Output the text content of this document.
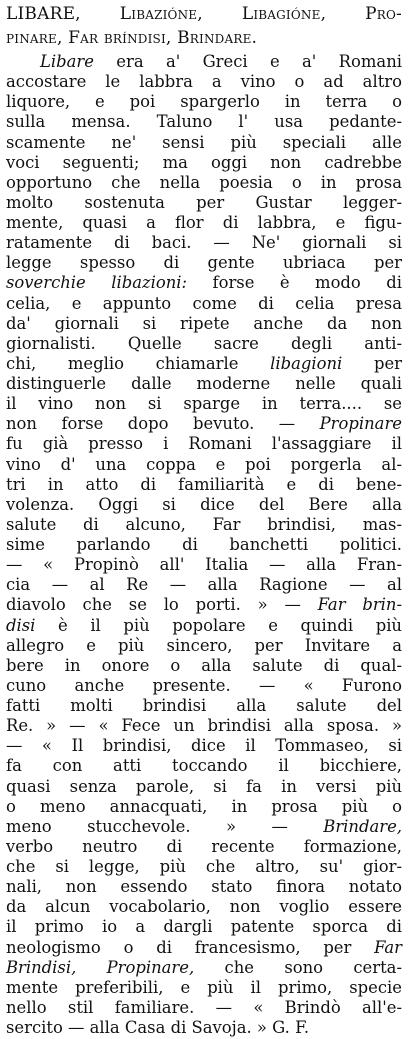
LIBARE, Libazióne, Libagióne, Pro-
pinare, Far bríndisi, Brindare.
Libare era a' Greci e a' Romani
accostare le labbra a vino o ad altro
liquore, e poi spargerlo in terra o
sulla mensa. Taluno l' usa pedante-
scamente ne' sensi più speciali alle
voci seguenti; ma oggi non cadrebbe
opportuno che nella poesia o in prosa
molto sostenuta per Gustar legger-
mente, quasi a flor di labbra, e figu-
ratamente di baci. — Ne' giornali si
legge spesso di gente ubriaca per
soverchie libazioni: forse è modo di
celia, e appunto come di celia presa
da' giornali si ripete anche da non
giornalisti. Quelle sacre degli anti-
chi, meglio chiamarle libagioni per
distinguerle dalle moderne nelle quali
il vino non si sparge in terra.... se
non forse dopo bevuto. — Propinare
fu già presso i Romani l'assaggiare il
vino d' una coppa e poi porgerla al-
tri in atto di familiarità e di bene-
volenza. Oggi si dice del Bere alla
salute di alcuno, Far brindisi, mas-
sime parlando di banchetti politici.
— « Propinò all' Italia — alla Fran-
cia — al Re — alla Ragione — al
diavolo che se lo porti. » — Far brin-
disi è il più popolare e quindi più
allegro e più sincero, per Invitare a
bere in onore o alla salute di qual-
cuno anche presente. — « Furono
fatti molti brindisi alla salute del
Re. » — « Fece un brindisi alla sposa. »
— « Il brindisi, dice il Tommaseo, si
fa con atti toccando il bicchiere,
quasi senza parole, si fa in versi più
o meno annacquati, in prosa più o
meno stucchevole. » — Brindare,
verbo neutro di recente formazione,
che si legge, più che altro, su' gior-
nali, non essendo stato finora notato
da alcun vocabolario, non voglio essere
il primo io a dargli patente sporca di
neologismo o di francesismo, per Far
Brindisi, Propinare, che sono certa-
mente preferibili, e più il primo, specie
nello stil familiare. — « Brindò all'e-
sercito — alla Casa di Savoja. » G. F.
